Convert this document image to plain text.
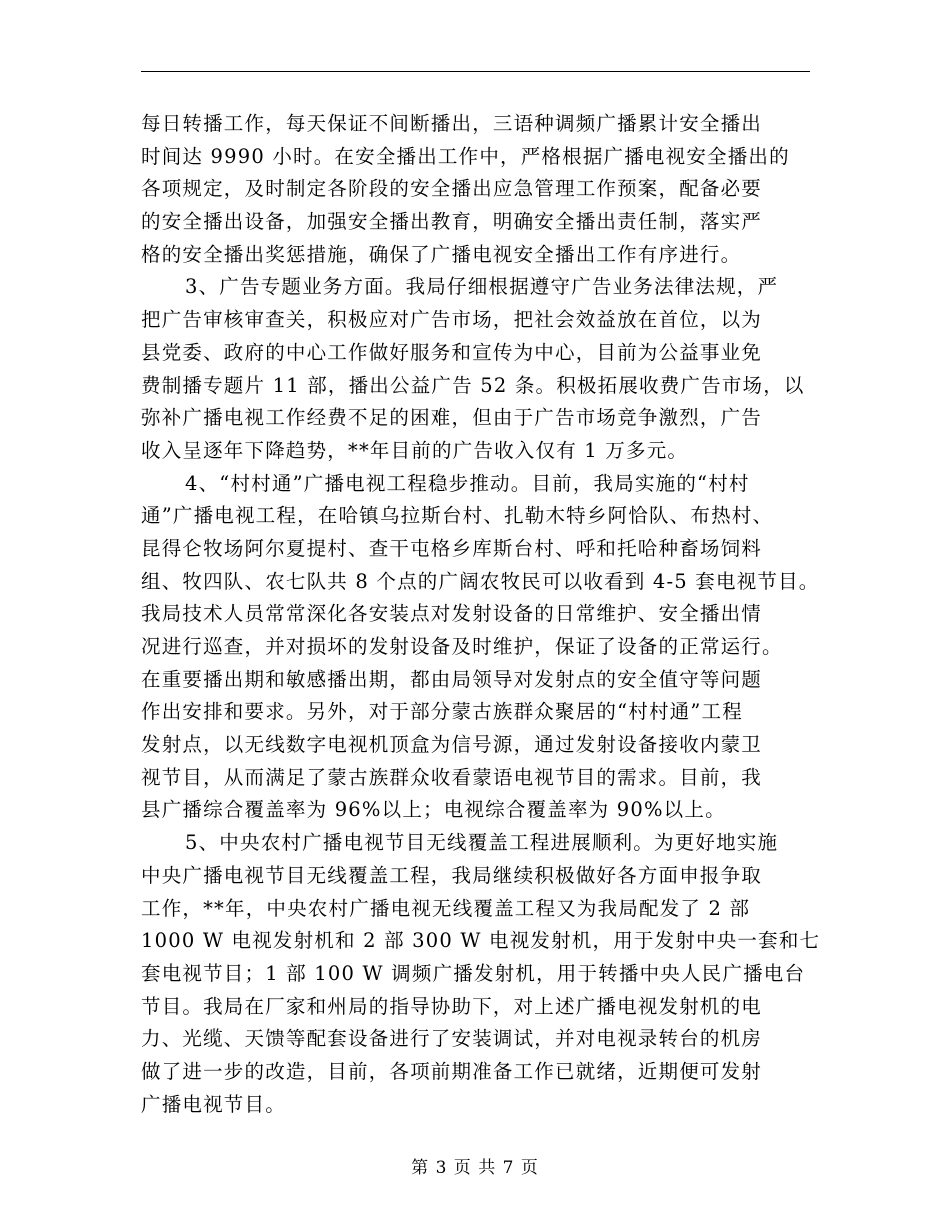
每日转播工作，每天保证不间断播出，三语种调频广播累计安全播出
时间达 9990 小时。在安全播出工作中，严格根据广播电视安全播出的
各项规定，及时制定各阶段的安全播出应急管理工作预案，配备必要
的安全播出设备，加强安全播出教育，明确安全播出责任制，落实严
格的安全播出奖惩措施，确保了广播电视安全播出工作有序进行。
3、广告专题业务方面。我局仔细根据遵守广告业务法律法规，严
把广告审核审查关，积极应对广告市场，把社会效益放在首位，以为
县党委、政府的中心工作做好服务和宣传为中心，目前为公益事业免
费制播专题片 11 部，播出公益广告 52 条。积极拓展收费广告市场，以
弥补广播电视工作经费不足的困难，但由于广告市场竞争激烈，广告
收入呈逐年下降趋势，**年目前的广告收入仅有 1 万多元。
4、“村村通”广播电视工程稳步推动。目前，我局实施的“村村
通”广播电视工程，在哈镇乌拉斯台村、扎勒木特乡阿恰队、布热村、
昆得仑牧场阿尔夏提村、查干屯格乡库斯台村、呼和托哈种畜场饲料
组、牧四队、农七队共 8 个点的广阔农牧民可以收看到 4-5 套电视节目。
我局技术人员常常深化各安装点对发射设备的日常维护、安全播出情
况进行巡查，并对损坏的发射设备及时维护，保证了设备的正常运行。
在重要播出期和敏感播出期，都由局领导对发射点的安全值守等问题
作出安排和要求。另外，对于部分蒙古族群众聚居的“村村通”工程
发射点，以无线数字电视机顶盒为信号源，通过发射设备接收内蒙卫
视节目，从而满足了蒙古族群众收看蒙语电视节目的需求。目前，我
县广播综合覆盖率为 96%以上；电视综合覆盖率为 90%以上。
5、中央农村广播电视节目无线覆盖工程进展顺利。为更好地实施
中央广播电视节目无线覆盖工程，我局继续积极做好各方面申报争取
工作，**年，中央农村广播电视无线覆盖工程又为我局配发了 2 部
1000 W 电视发射机和 2 部 300 W 电视发射机，用于发射中央一套和七
套电视节目；1 部 100 W 调频广播发射机，用于转播中央人民广播电台
节目。我局在厂家和州局的指导协助下，对上述广播电视发射机的电
力、光缆、天馈等配套设备进行了安装调试，并对电视录转台的机房
做了进一步的改造，目前，各项前期准备工作已就绪，近期便可发射
广播电视节目。
第 3 页 共 7 页
